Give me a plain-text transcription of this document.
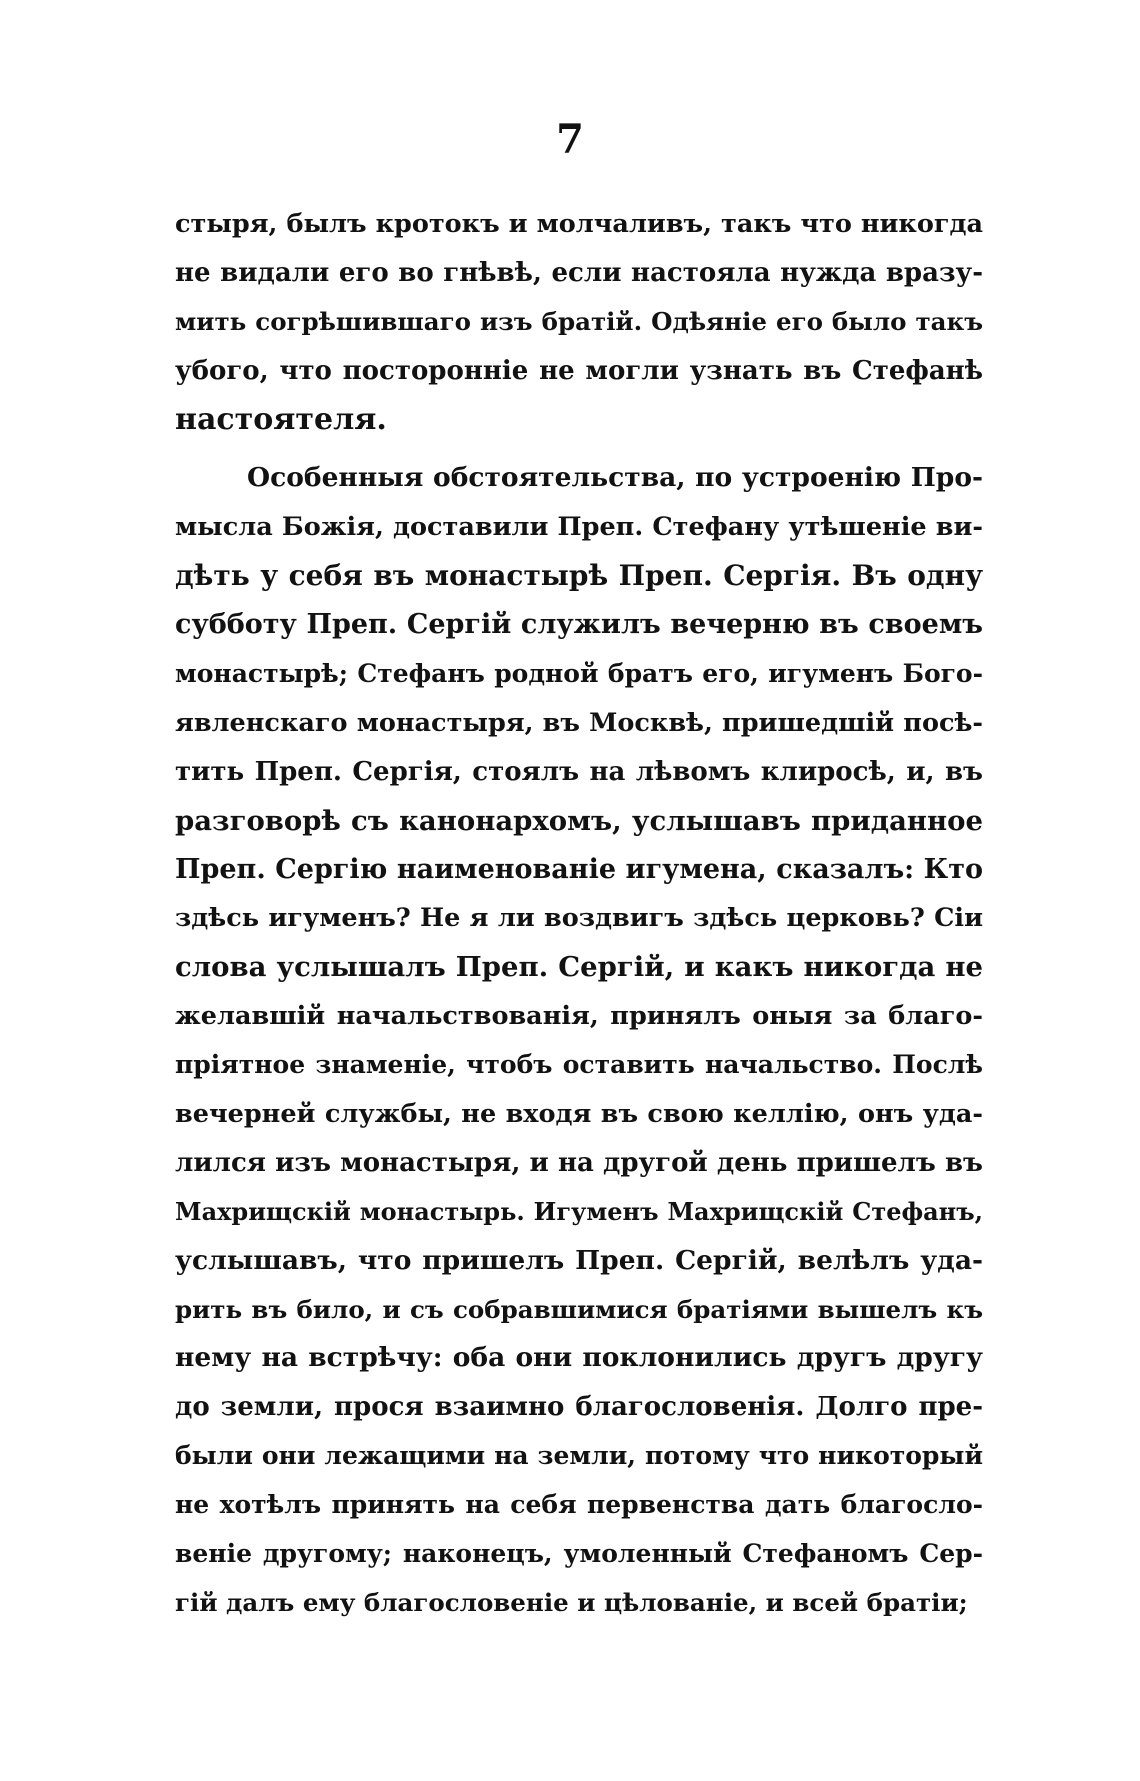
7
стыря, былъ кротокъ и молчаливъ, такъ что никогда
не видали его во гнѣвѣ, если настояла нужда вразу-
мить согрѣшившаго изъ братій. Одѣяніе его было такъ
убого, что посторонніе не могли узнать въ Стефанѣ
настоятеля.
Особенныя обстоятельства, по устроенію Про-
мысла Божія, доставили Преп. Стефану утѣшеніе ви-
дѣть у себя въ монастырѣ Преп. Сергія. Въ одну
субботу Преп. Сергій служилъ вечерню въ своемъ
монастырѣ; Стефанъ родной братъ его, игуменъ Бого-
явленскаго монастыря, въ Москвѣ, пришедшій посѣ-
тить Преп. Сергія, стоялъ на лѣвомъ клиросѣ, и, въ
разговорѣ съ канонархомъ, услышавъ приданное
Преп. Сергію наименованіе игумена, сказалъ: Кто
здѣсь игуменъ? Не я ли воздвигъ здѣсь церковь? Сіи
слова услышалъ Преп. Сергій, и какъ никогда не
желавшій начальствованія, принялъ оныя за благо-
пріятное знаменіе, чтобъ оставить начальство. Послѣ
вечерней службы, не входя въ свою келлію, онъ уда-
лился изъ монастыря, и на другой день пришелъ въ
Махрищскій монастырь. Игуменъ Махрищскій Стефанъ,
услышавъ, что пришелъ Преп. Сергій, велѣлъ уда-
рить въ било, и съ собравшимися братіями вышелъ къ
нему на встрѣчу: оба они поклонились другъ другу
до земли, прося взаимно благословенія. Долго пре-
были они лежащими на земли, потому что никоторый
не хотѣлъ принять на себя первенства дать благосло-
веніе другому; наконецъ, умоленный Стефаномъ Сер-
гій далъ ему благословеніе и цѣлованіе, и всей братіи;
